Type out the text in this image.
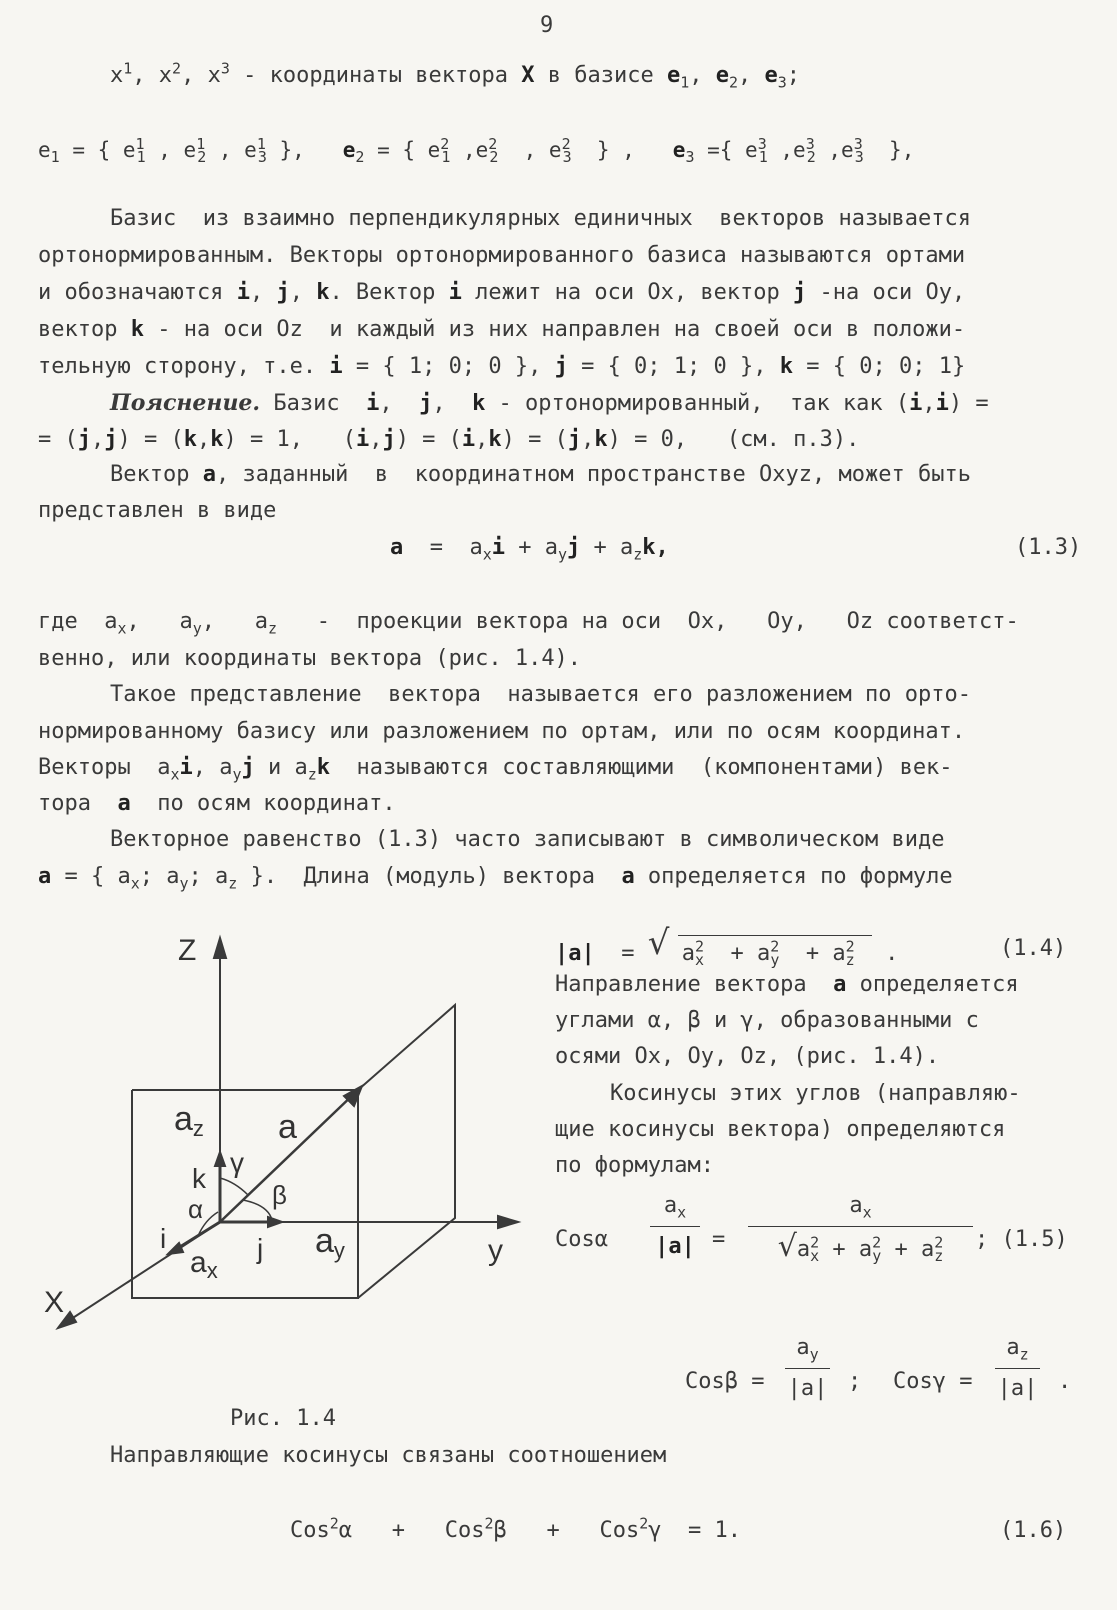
9
$x^1$, $x^2$, $x^3$ - координаты вектора X в базисе $e_1$, $e_2$, $e_3$;
$e_1$ = { $e^1_1$ , $e^1_2$ , $e^1_3$ },   $e_2$ = { $e^2_1$ $,e^2_2$  , $e^2_3$  } ,   $e_3$ ={ $e^3_1$ $,e^3_2$ $,e^3_3$  },
Базис  из взаимно перпендикулярных единичных  векторов называется
ортонормированным. Векторы ортонормированного базиса называются ортами
и обозначаются i, j, k. Вектор i лежит на оси Ox, вектор j -на оси Oy,
вектор k - на оси Oz  и каждый из них направлен на своей оси в положи-
тельную сторону, т.е. i = { 1; 0; 0 }, j = { 0; 1; 0 }, k = { 0; 0; 1}
Пояснение. Базис  i,  j,  k - ортонормированный,  так как (i,i) =
= (j,j) = (k,k) = 1,   (i,j) = (i,k) = (j,k) = 0,   (см. п.3).
Вектор a, заданный  в  координатном пространстве Oxyz, может быть
представлен в виде
$a = a_xi + a_yj + a_zk$,	(1.3)
где  $a_x$,   $a_y$,   $a_z$   -  проекции вектора на оси  Ox,   Oy,   Oz соответст-
венно, или координаты вектора (рис. 1.4).
Такое представление  вектора  называется его разложением по орто-
нормированному базису или разложением по ортам, или по осям координат.
Векторы  $a_xi$, $a_yj$ и $a_zk$  называются составляющими  (компонентами) век-
тора  a  по осям координат.
Векторное равенство (1.3) часто записывают в символическом виде
a = { $a_x$; $a_y$; $a_z$ }.  Длина (модуль) вектора  a определяется по формуле
|a|  = √ $a^2_x + a^2_y + a^2_z$  .	(1.4)
Направление вектора  a определяется
углами α, β и γ, образованными с
осями Ox, Oy, Oz, (рис. 1.4).
Косинусы этих углов (направляю-
щие косинусы вектора) определяются
по формулам:
Cosα
$a_x$
|a| =
$a_x$
$√a^2_x + a^2_y + a^2_z$
; (1.5)
Cosβ =
$a_y$
|a| ; Cosγ =
$a_z$
|a| .
Z
y
X
a
az
ay
$a_x$
k
i	j
α	β
γ
Рис. 1.4
Направляющие косинусы связаны соотношением
Cos$^2$α   +   Cos$^2$β   +   Cos$^2$γ  = 1.	(1.6)
